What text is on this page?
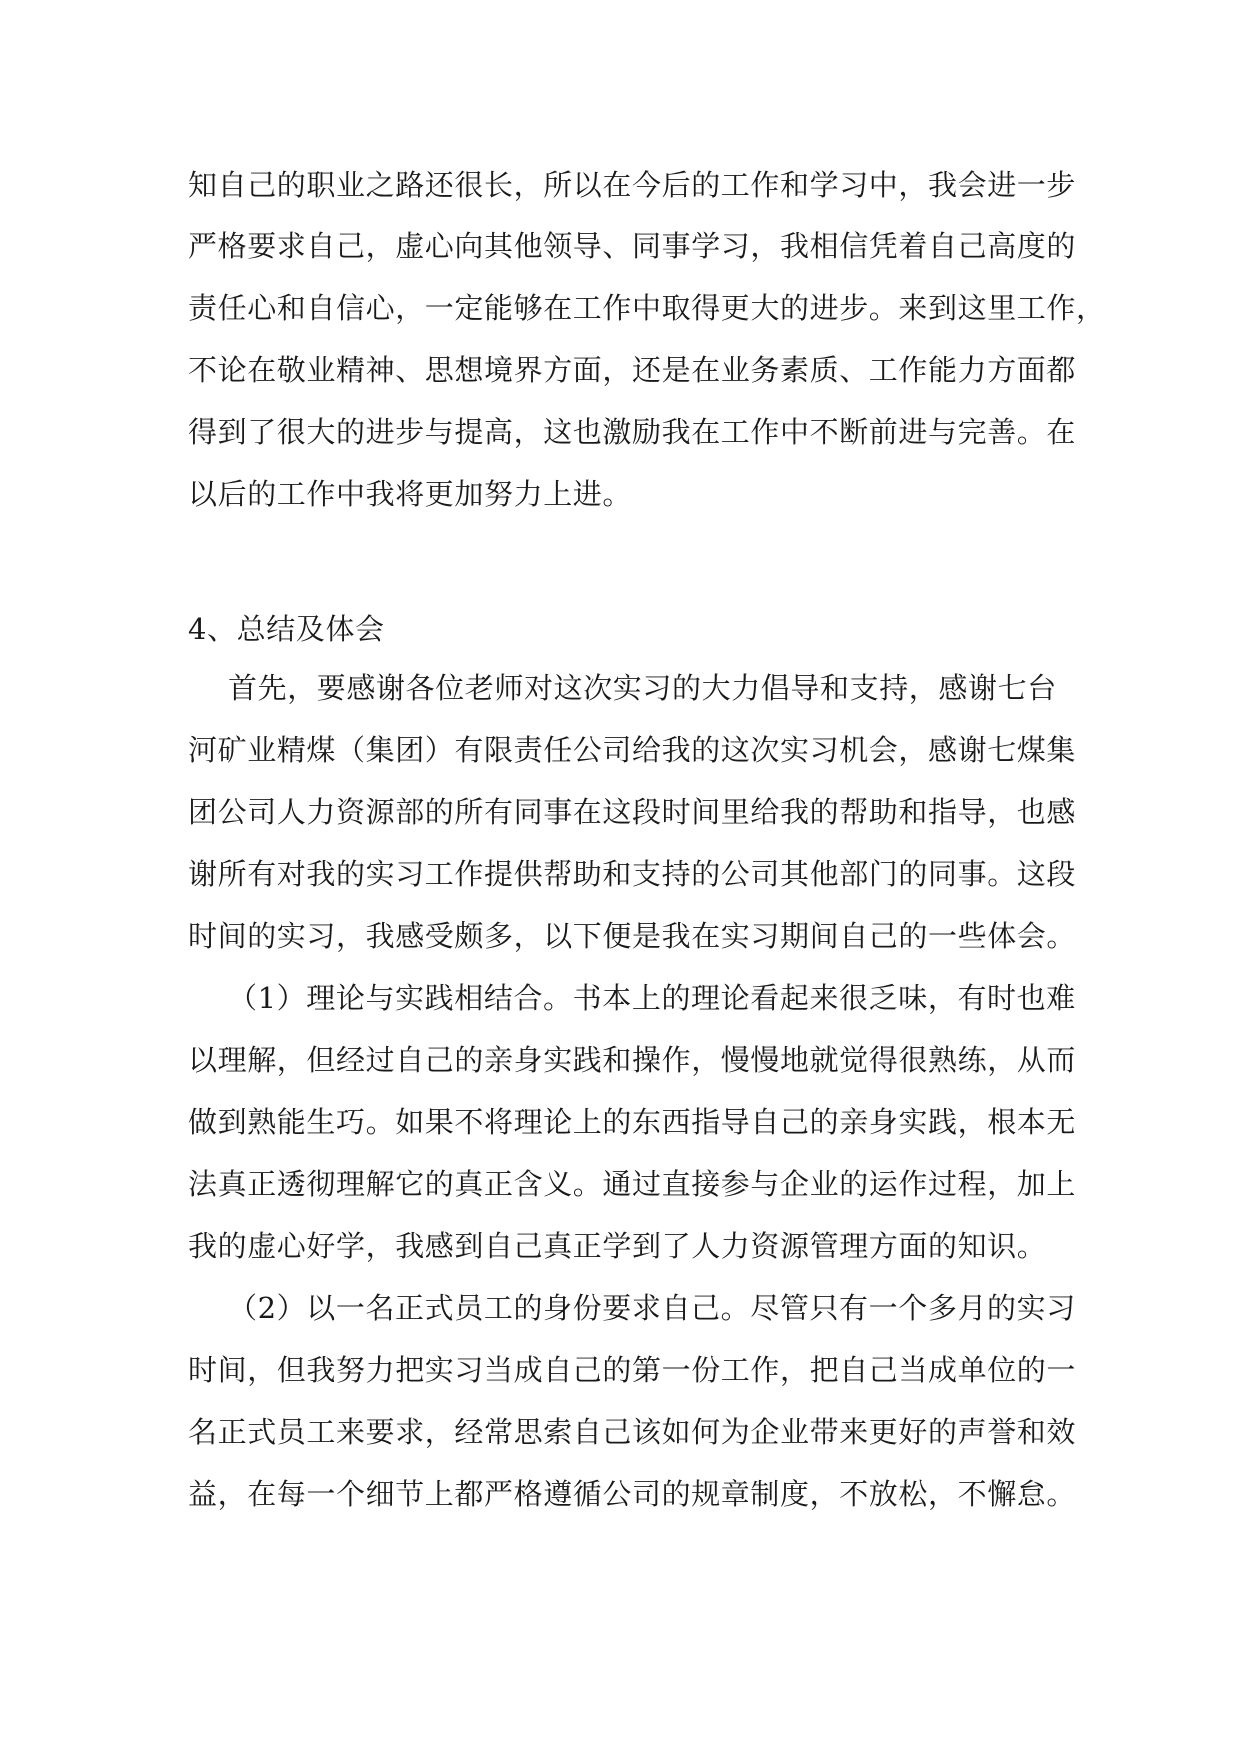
知自己的职业之路还很长，所以在今后的工作和学习中，我会进一步

严格要求自己，虚心向其他领导、同事学习，我相信凭着自己高度的

责任心和自信心，一定能够在工作中取得更大的进步。来到这里工作，

不论在敬业精神、思想境界方面，还是在业务素质、工作能力方面都

得到了很大的进步与提高，这也激励我在工作中不断前进与完善。在

以后的工作中我将更加努力上进。

4、总结及体会

首先，要感谢各位老师对这次实习的大力倡导和支持，感谢七台

河矿业精煤（集团）有限责任公司给我的这次实习机会，感谢七煤集

团公司人力资源部的所有同事在这段时间里给我的帮助和指导，也感

谢所有对我的实习工作提供帮助和支持的公司其他部门的同事。这段

时间的实习，我感受颇多，以下便是我在实习期间自己的一些体会。

（1）理论与实践相结合。书本上的理论看起来很乏味，有时也难

以理解，但经过自己的亲身实践和操作，慢慢地就觉得很熟练，从而

做到熟能生巧。如果不将理论上的东西指导自己的亲身实践，根本无

法真正透彻理解它的真正含义。通过直接参与企业的运作过程，加上

我的虚心好学，我感到自己真正学到了人力资源管理方面的知识。

（2）以一名正式员工的身份要求自己。尽管只有一个多月的实习

时间，但我努力把实习当成自己的第一份工作，把自己当成单位的一

名正式员工来要求，经常思索自己该如何为企业带来更好的声誉和效

益，在每一个细节上都严格遵循公司的规章制度，不放松，不懈怠。
